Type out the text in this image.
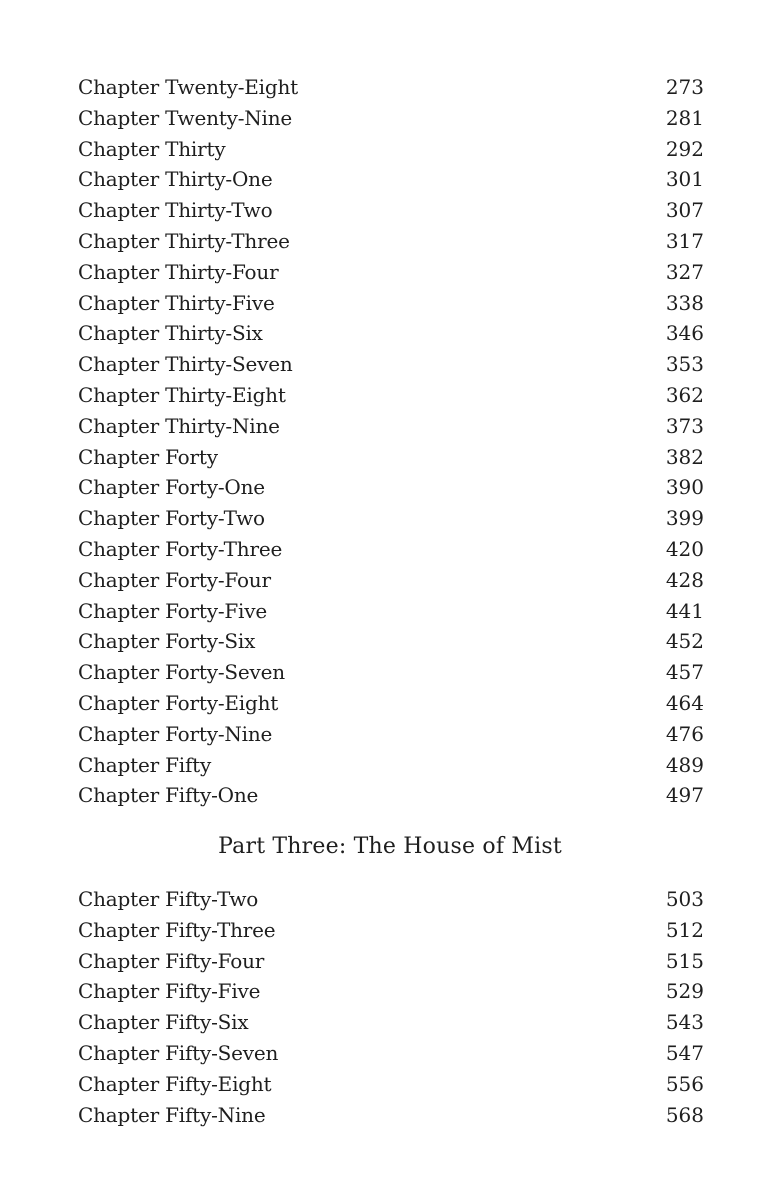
Chapter Twenty-Eight	273
Chapter Twenty-Nine	281
Chapter Thirty	292
Chapter Thirty-One	301
Chapter Thirty-Two	307
Chapter Thirty-Three	317
Chapter Thirty-Four	327
Chapter Thirty-Five	338
Chapter Thirty-Six	346
Chapter Thirty-Seven	353
Chapter Thirty-Eight	362
Chapter Thirty-Nine	373
Chapter Forty	382
Chapter Forty-One	390
Chapter Forty-Two	399
Chapter Forty-Three	420
Chapter Forty-Four	428
Chapter Forty-Five	441
Chapter Forty-Six	452
Chapter Forty-Seven	457
Chapter Forty-Eight	464
Chapter Forty-Nine	476
Chapter Fifty	489
Chapter Fifty-One	497
Part Three: The House of Mist
Chapter Fifty-Two	503
Chapter Fifty-Three	512
Chapter Fifty-Four	515
Chapter Fifty-Five	529
Chapter Fifty-Six	543
Chapter Fifty-Seven	547
Chapter Fifty-Eight	556
Chapter Fifty-Nine	568
